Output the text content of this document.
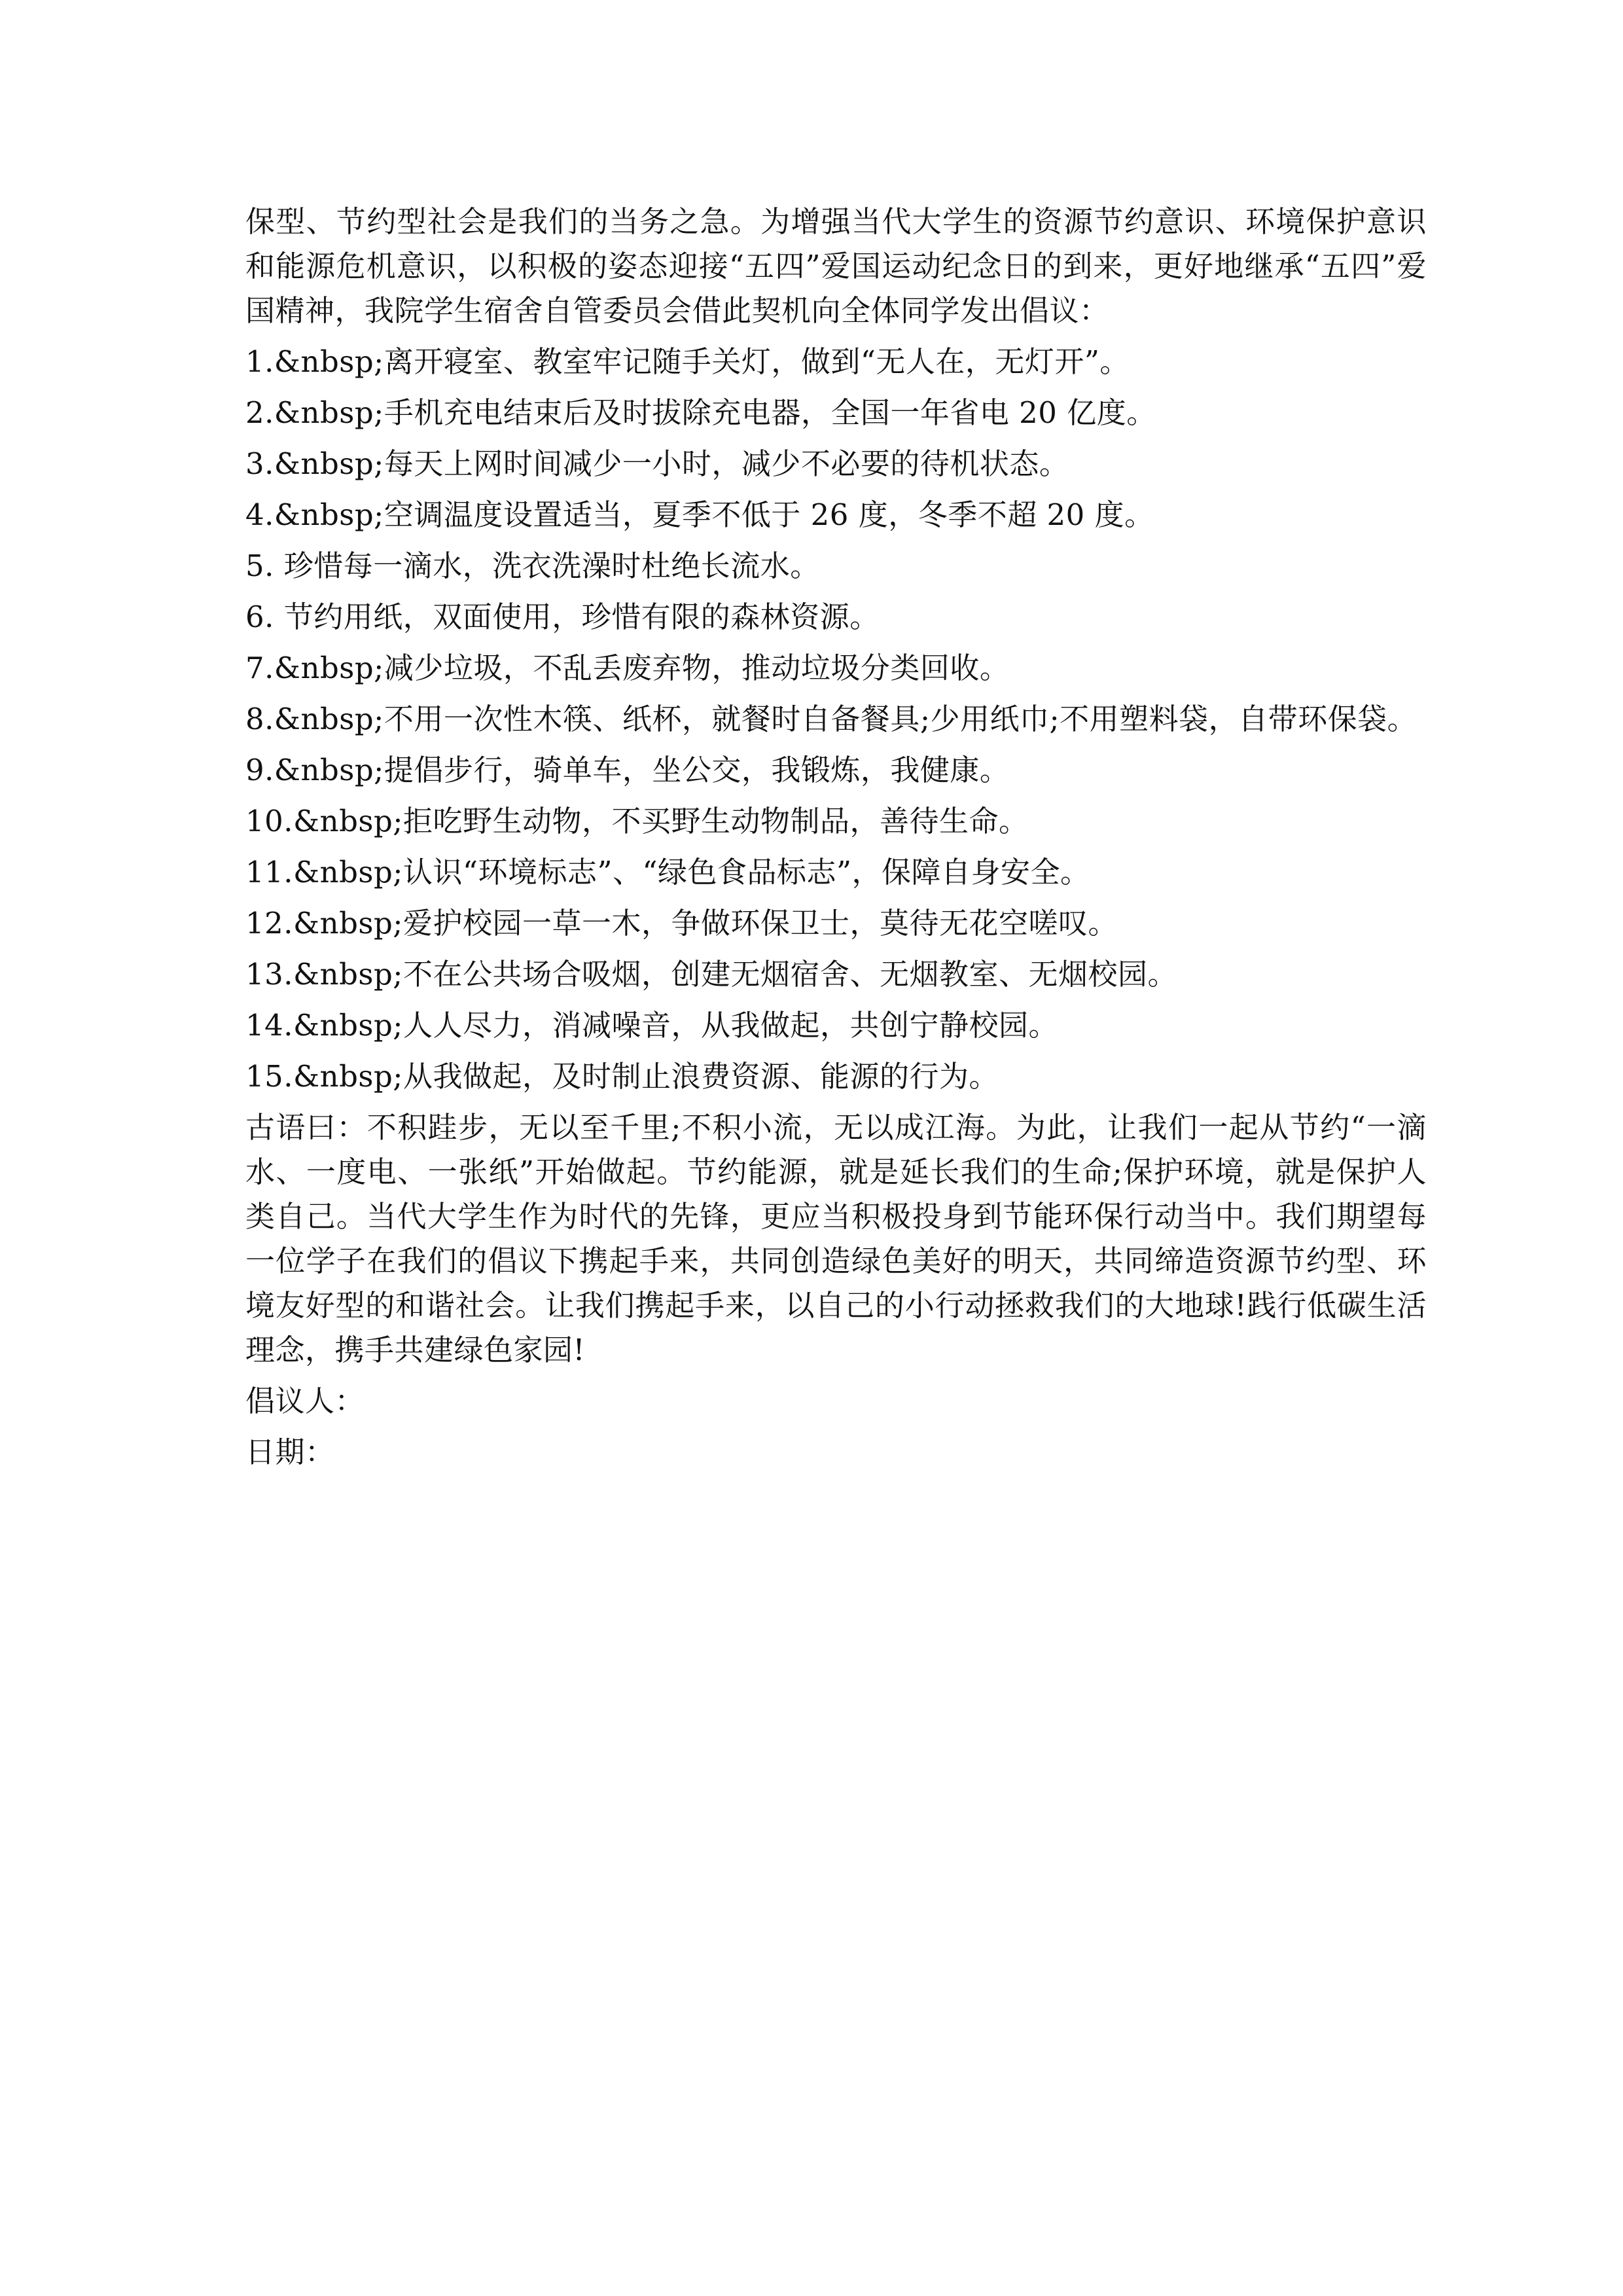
保型、节约型社会是我们的当务之急。为增强当代大学生的资源节约意识、环境保护意识和能源危机意识，以积极的姿态迎接“五四”爱国运动纪念日的到来，更好地继承“五四”爱国精神，我院学生宿舍自管委员会借此契机向全体同学发出倡议：

1.&nbsp;离开寝室、教室牢记随手关灯，做到“无人在，无灯开”。

2.&nbsp;手机充电结束后及时拔除充电器，全国一年省电 20 亿度。

3.&nbsp;每天上网时间减少一小时，减少不必要的待机状态。

4.&nbsp;空调温度设置适当，夏季不低于 26 度，冬季不超 20 度。

5. 珍惜每一滴水，洗衣洗澡时杜绝长流水。

6. 节约用纸，双面使用，珍惜有限的森林资源。

7.&nbsp;减少垃圾，不乱丢废弃物，推动垃圾分类回收。

8.&nbsp;不用一次性木筷、纸杯，就餐时自备餐具;少用纸巾;不用塑料袋，自带环保袋。

9.&nbsp;提倡步行，骑单车，坐公交，我锻炼，我健康。

10.&nbsp;拒吃野生动物，不买野生动物制品，善待生命。

11.&nbsp;认识“环境标志”、“绿色食品标志”，保障自身安全。

12.&nbsp;爱护校园一草一木，争做环保卫士，莫待无花空嗟叹。

13.&nbsp;不在公共场合吸烟，创建无烟宿舍、无烟教室、无烟校园。

14.&nbsp;人人尽力，消减噪音，从我做起，共创宁静校园。

15.&nbsp;从我做起，及时制止浪费资源、能源的行为。

古语曰：不积跬步，无以至千里;不积小流，无以成江海。为此，让我们一起从节约“一滴水、一度电、一张纸”开始做起。节约能源，就是延长我们的生命;保护环境，就是保护人类自己。当代大学生作为时代的先锋，更应当积极投身到节能环保行动当中。我们期望每一位学子在我们的倡议下携起手来，共同创造绿色美好的明天，共同缔造资源节约型、环境友好型的和谐社会。让我们携起手来，以自己的小行动拯救我们的大地球!践行低碳生活理念，携手共建绿色家园!

倡议人：

日期：
